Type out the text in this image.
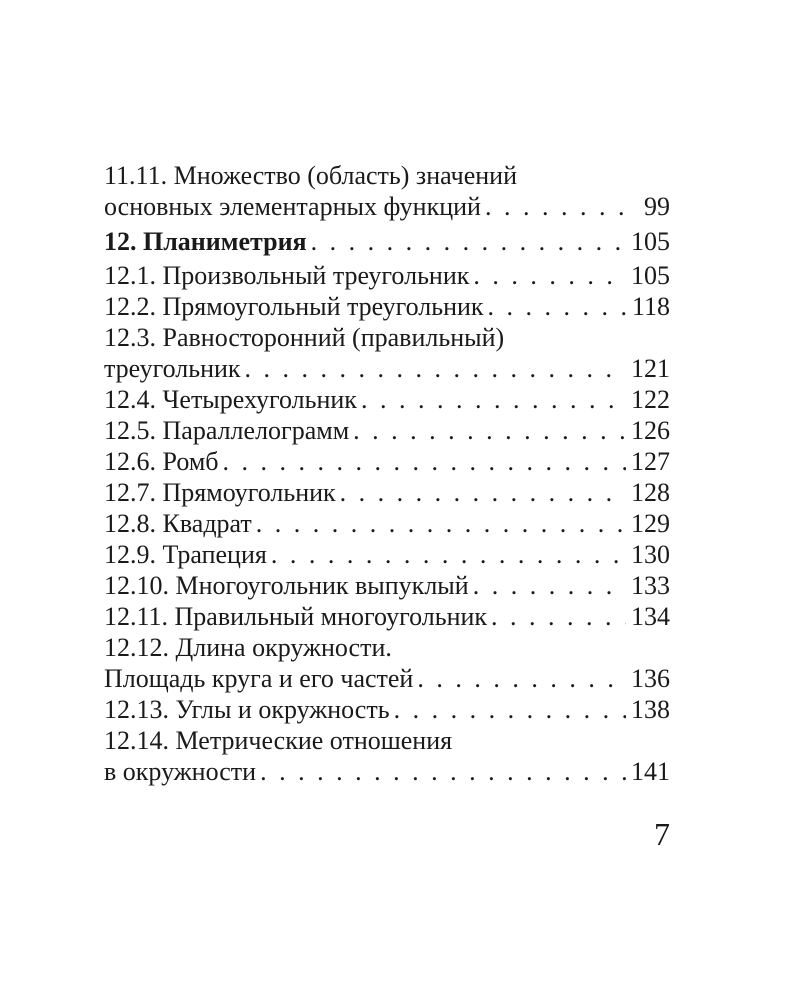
11.11. Множество (область) значений
основных элементарных функций . . .	99
12. Планиметрия . . .	105
12.1. Произвольный треугольник . . .	105
12.2. Прямоугольный треугольник . . .	118
12.3. Равносторонний (правильный)
треугольник . . .	121
12.4. Четырехугольник . . .	122
12.5. Параллелограмм . . .	126
12.6. Ромб . . .	127
12.7. Прямоугольник . . .	128
12.8. Квадрат . . .	129
12.9. Трапеция . . .	130
12.10. Многоугольник выпуклый . . .	133
12.11. Правильный многоугольник . . .	134
12.12. Длина окружности.
Площадь круга и его частей . . .	136
12.13. Углы и окружность . . .	138
12.14. Метрические отношения
в окружности . . .	141
7
